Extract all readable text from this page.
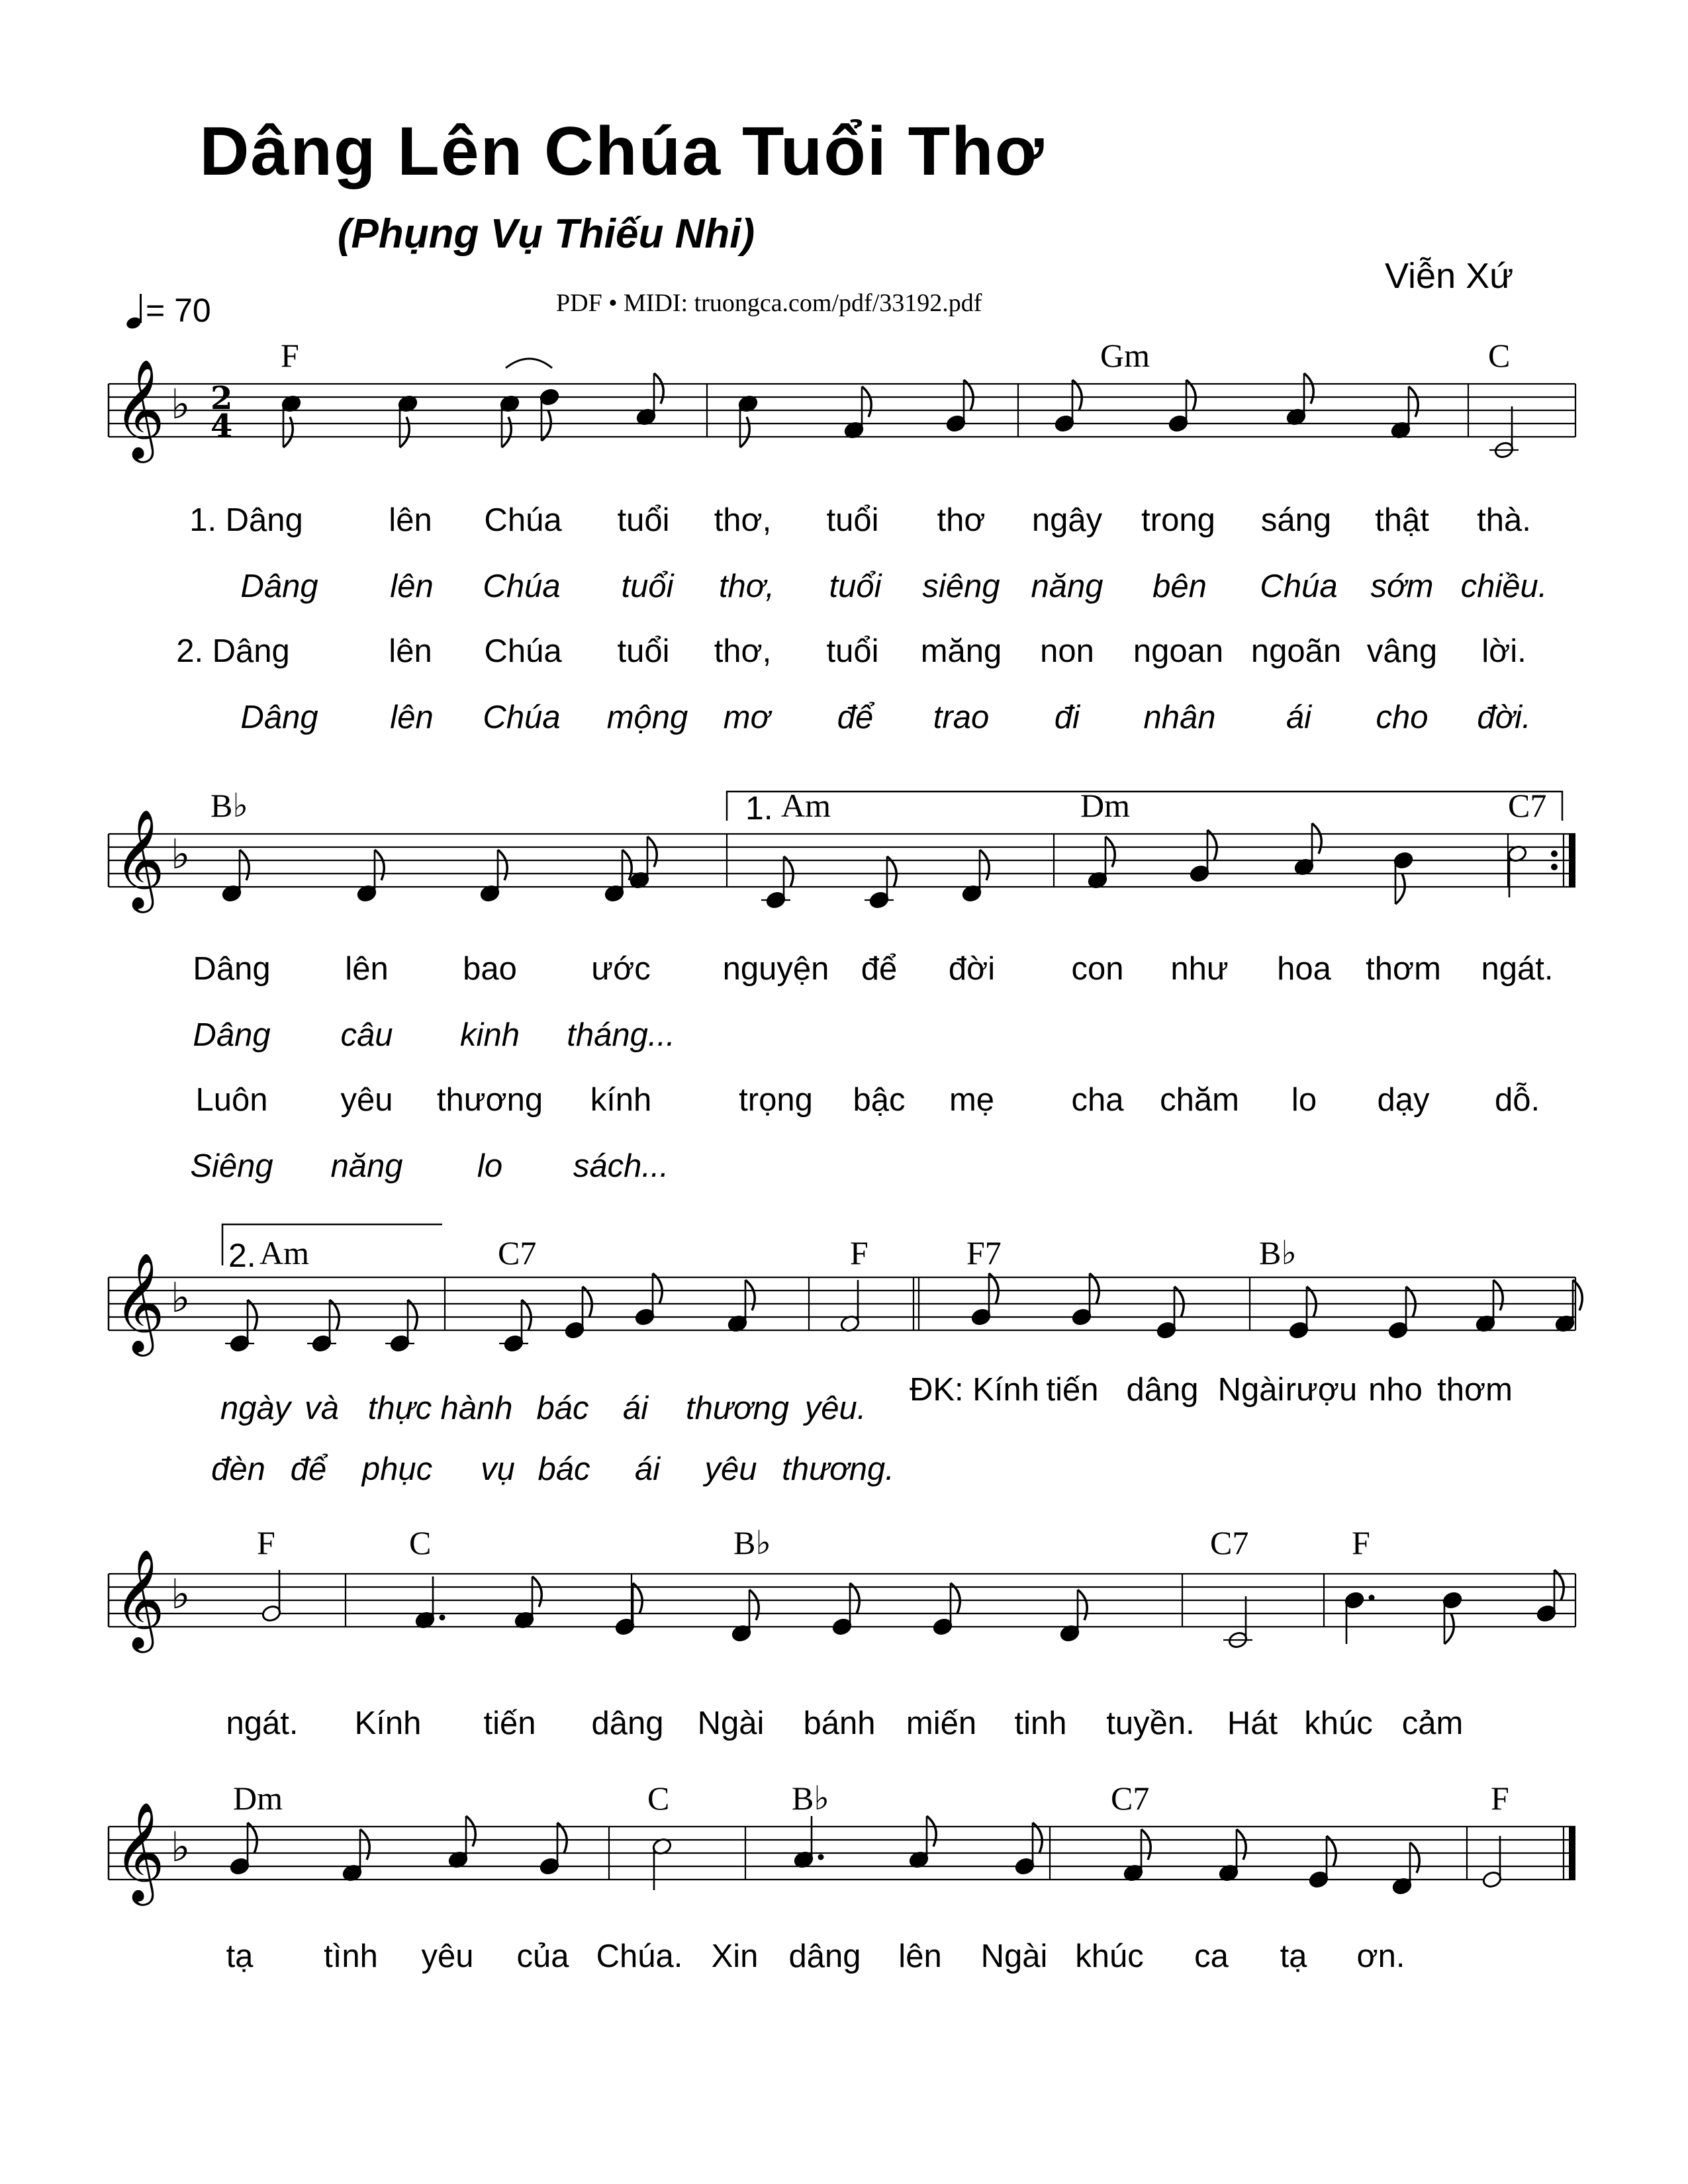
Dâng Lên Chúa Tuổi Thơ
(Phụng Vụ Thiếu Nhi)
Viễn Xứ
PDF • MIDI: truongca.com/pdf/33192.pdf
= 70
𝄞 ♭ 2
4
𝄞 ♭
𝄞 ♭
𝄞 ♭
𝄞 ♭
F	Gm	C
B♭	Am	Dm	C7
Am	C7	F	F7	B♭
F	C	B♭	C7	F
Dm	C	B♭	C7	F
1.
2.
1. Dâng	lên Chúa tuổi thơ, tuổi thơ ngây trong sáng thật thà.
Dâng lên Chúa tuổi thơ, tuổi siêng năng bên Chúa sớm chiều.
2. Dâng	lên Chúa tuổi thơ, tuổi măng non ngoan ngoãn vâng lời.
Dâng lên Chúa mộng mơ để trao đi nhân ái cho đời.
Dâng lên bao ước nguyện để đời con như hoa thơm ngát.
Dâng câu kinh tháng...
Luôn yêu thương kính	trọng bậc mẹ cha chăm lo dạy dỗ.
Siêng năng lo sách...
ngày và thực hành bác ái thương yêu.
ĐK: Kính tiến dâng Ngài rượu nho thơm
đèn để phục vụ bác ái yêu thương.
ngát. Kính tiến dâng Ngài bánh miến tinh tuyền. Hát khúc cảm
tạ tình yêu của Chúa. Xin dâng lên Ngài khúc ca tạ ơn.
